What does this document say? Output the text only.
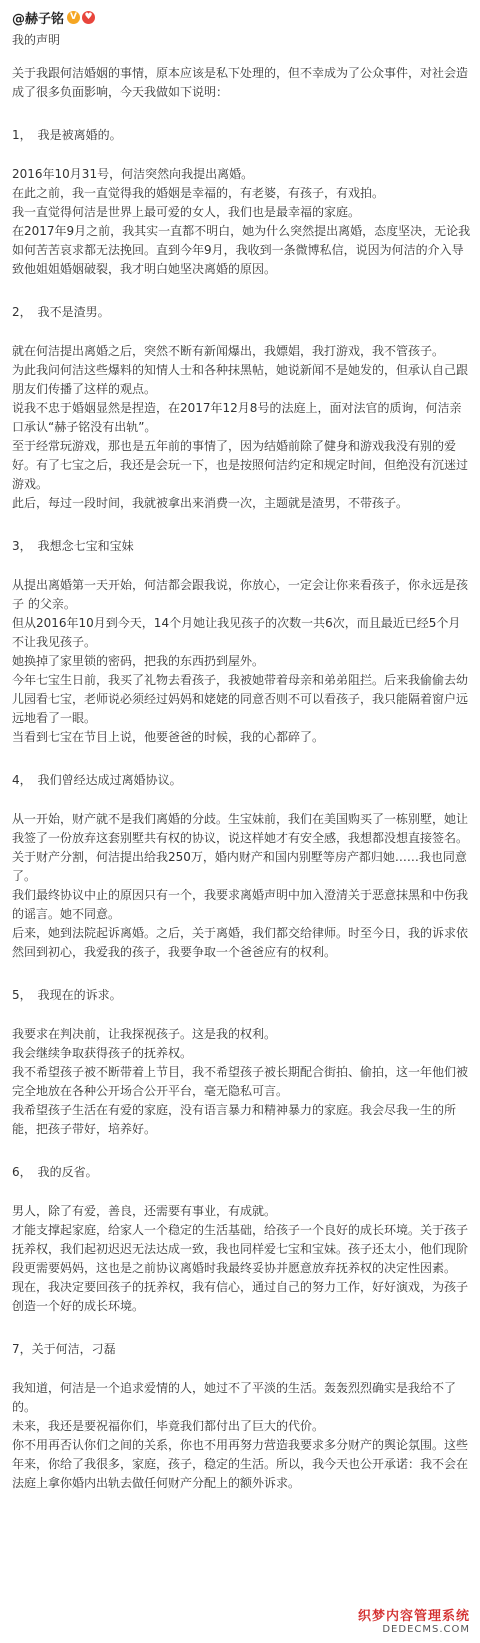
@赫子铭 V ♥

我的声明

关于我跟何洁婚姻的事情，原本应该是私下处理的，但不幸成为了公众事件，对社会造成了很多负面影响，今天我做如下说明：

1，　我是被离婚的。

2016年10月31号，何洁突然向我提出离婚。

在此之前，我一直觉得我的婚姻是幸福的，有老婆，有孩子，有戏拍。

我一直觉得何洁是世界上最可爱的女人，我们也是最幸福的家庭。

在2017年9月之前，我其实一直都不明白，她为什么突然提出离婚，态度坚决，无论我如何苦苦哀求都无法挽回。直到今年9月，我收到一条微博私信，说因为何洁的介入导致他姐姐婚姻破裂，我才明白她坚决离婚的原因。

2，　我不是渣男。

就在何洁提出离婚之后，突然不断有新闻爆出，我嫖娼，我打游戏，我不管孩子。

为此我问何洁这些爆料的知情人士和各种抹黑帖，她说新闻不是她发的，但承认自己跟朋友们传播了这样的观点。

说我不忠于婚姻显然是捏造，在2017年12月8号的法庭上，面对法官的质询，何洁亲口承认“赫子铭没有出轨”。

至于经常玩游戏，那也是五年前的事情了，因为结婚前除了健身和游戏我没有别的爱好。有了七宝之后，我还是会玩一下，也是按照何洁约定和规定时间，但绝没有沉迷过游戏。

此后，每过一段时间，我就被拿出来消费一次，主题就是渣男，不带孩子。

3，　我想念七宝和宝妹

从提出离婚第一天开始，何洁都会跟我说，你放心，一定会让你来看孩子，你永远是孩子 的父亲。

但从2016年10月到今天，14个月她让我见孩子的次数一共6次，而且最近已经5个月不让我见孩子。

她换掉了家里锁的密码，把我的东西扔到屋外。

今年七宝生日前，我买了礼物去看孩子，我被她带着母亲和弟弟阻拦。后来我偷偷去幼儿园看七宝，老师说必须经过妈妈和姥姥的同意否则不可以看孩子，我只能隔着窗户远远地看了一眼。

当看到七宝在节目上说，他要爸爸的时候，我的心都碎了。

4，　我们曾经达成过离婚协议。

从一开始，财产就不是我们离婚的分歧。生宝妹前，我们在美国购买了一栋别墅，她让我签了一份放弃这套别墅共有权的协议，说这样她才有安全感，我想都没想直接签名。关于财产分割，何洁提出给我250万，婚内财产和国内别墅等房产都归她……我也同意了。

我们最终协议中止的原因只有一个，我要求离婚声明中加入澄清关于恶意抹黑和中伤我的谣言。她不同意。

后来，她到法院起诉离婚。之后，关于离婚，我们都交给律师。时至今日，我的诉求依然回到初心，我爱我的孩子，我要争取一个爸爸应有的权利。

5，　我现在的诉求。

我要求在判决前，让我探视孩子。这是我的权利。

我会继续争取获得孩子的抚养权。

我不希望孩子被不断带着上节目，我不希望孩子被长期配合街拍、偷拍，这一年他们被完全地放在各种公开场合公开平台，毫无隐私可言。

我希望孩子生活在有爱的家庭，没有语言暴力和精神暴力的家庭。我会尽我一生的所能，把孩子带好，培养好。

6，　我的反省。

男人，除了有爱，善良，还需要有事业，有成就。

才能支撑起家庭，给家人一个稳定的生活基础，给孩子一个良好的成长环境。关于孩子抚养权，我们起初迟迟无法达成一致，我也同样爱七宝和宝妹。孩子还太小，他们现阶段更需要妈妈，这也是之前协议离婚时我最终妥协并愿意放弃抚养权的决定性因素。

现在，我决定要回孩子的抚养权，我有信心，通过自己的努力工作，好好演戏，为孩子创造一个好的成长环境。

7，关于何洁，刁磊

我知道，何洁是一个追求爱情的人，她过不了平淡的生活。轰轰烈烈确实是我给不了的。

未来，我还是要祝福你们，毕竟我们都付出了巨大的代价。

你不用再否认你们之间的关系，你也不用再努力营造我要求多分财产的舆论氛围。这些年来，你给了我很多，家庭，孩子，稳定的生活。所以，我今天也公开承诺：我不会在法庭上拿你婚内出轨去做任何财产分配上的额外诉求。

织梦内容管理系统
DEDECMS.COM
